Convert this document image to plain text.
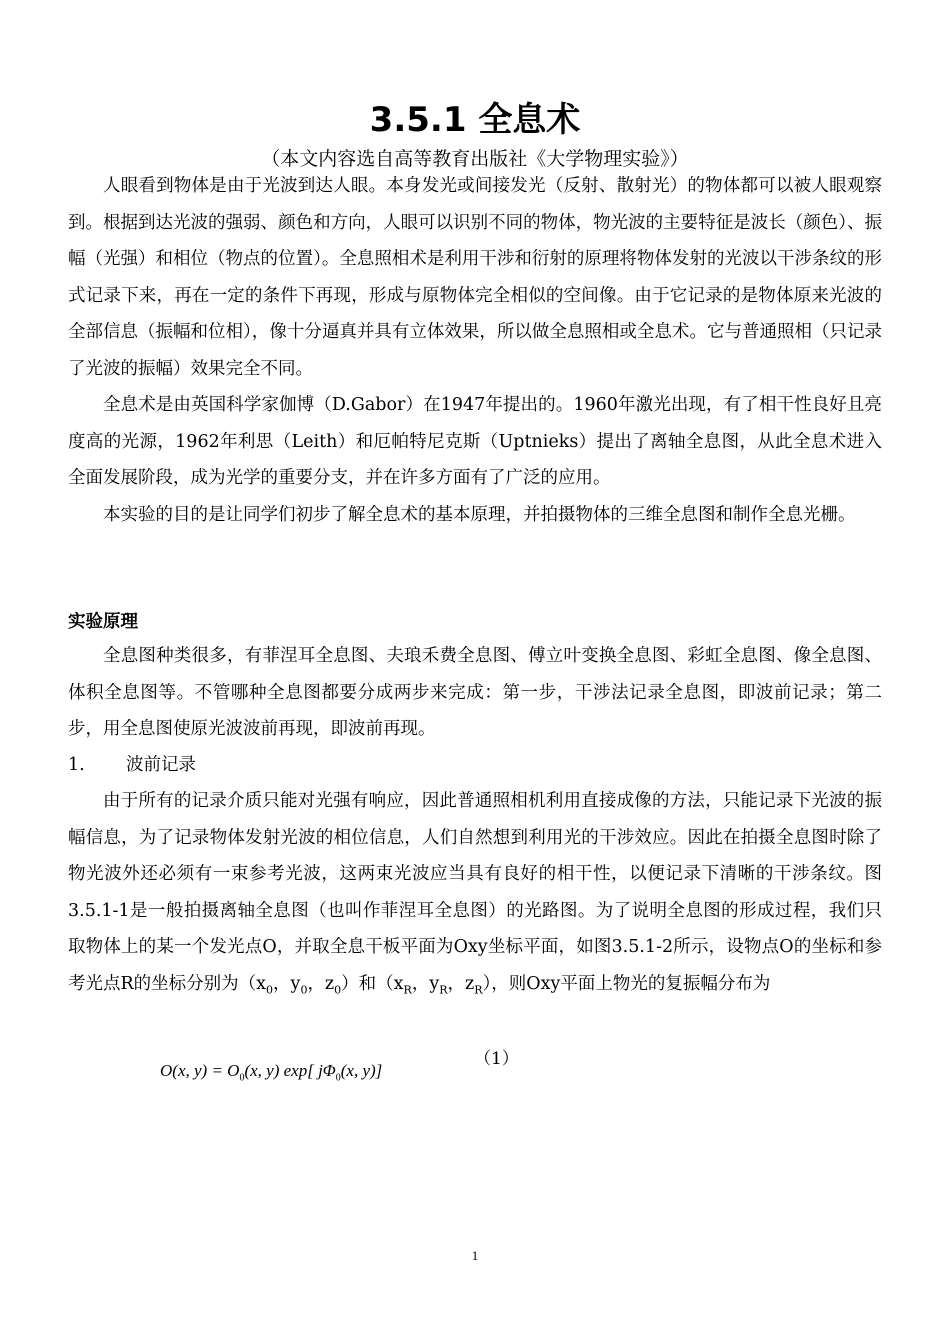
3.5.1 全息术
（本文内容选自高等教育出版社《大学物理实验》）

人眼看到物体是由于光波到达人眼。本身发光或间接发光（反射、散射光）的物体都可以被人眼观察到。根据到达光波的强弱、颜色和方向，人眼可以识别不同的物体，物光波的主要特征是波长（颜色）、振幅（光强）和相位（物点的位置）。全息照相术是利用干涉和衍射的原理将物体发射的光波以干涉条纹的形式记录下来，再在一定的条件下再现，形成与原物体完全相似的空间像。由于它记录的是物体原来光波的全部信息（振幅和位相），像十分逼真并具有立体效果，所以做全息照相或全息术。它与普通照相（只记录了光波的振幅）效果完全不同。

全息术是由英国科学家伽博（D.Gabor）在1947年提出的。1960年激光出现，有了相干性良好且亮度高的光源，1962年利思（Leith）和厄帕特尼克斯（Uptnieks）提出了离轴全息图，从此全息术进入全面发展阶段，成为光学的重要分支，并在许多方面有了广泛的应用。

本实验的目的是让同学们初步了解全息术的基本原理，并拍摄物体的三维全息图和制作全息光栅。

实验原理

全息图种类很多，有菲涅耳全息图、夫琅禾费全息图、傅立叶变换全息图、彩虹全息图、像全息图、体积全息图等。不管哪种全息图都要分成两步来完成：第一步，干涉法记录全息图，即波前记录；第二步，用全息图使原光波波前再现，即波前再现。

1. 波前记录

由于所有的记录介质只能对光强有响应，因此普通照相机利用直接成像的方法，只能记录下光波的振幅信息，为了记录物体发射光波的相位信息，人们自然想到利用光的干涉效应。因此在拍摄全息图时除了物光波外还必须有一束参考光波，这两束光波应当具有良好的相干性，以便记录下清晰的干涉条纹。图3.5.1-1是一般拍摄离轴全息图（也叫作菲涅耳全息图）的光路图。为了说明全息图的形成过程，我们只取物体上的某一个发光点O，并取全息干板平面为Oxy坐标平面，如图3.5.1-2所示，设物点O的坐标和参考光点R的坐标分别为（$x_0$，$y_0$，$z_0$）和（$x_R$，$y_R$，$z_R$），则Oxy平面上物光的复振幅分布为

O(x, $y) = O_0(x$, y) exp[ $j\Phi_0(x$, y)]
（1）
1
